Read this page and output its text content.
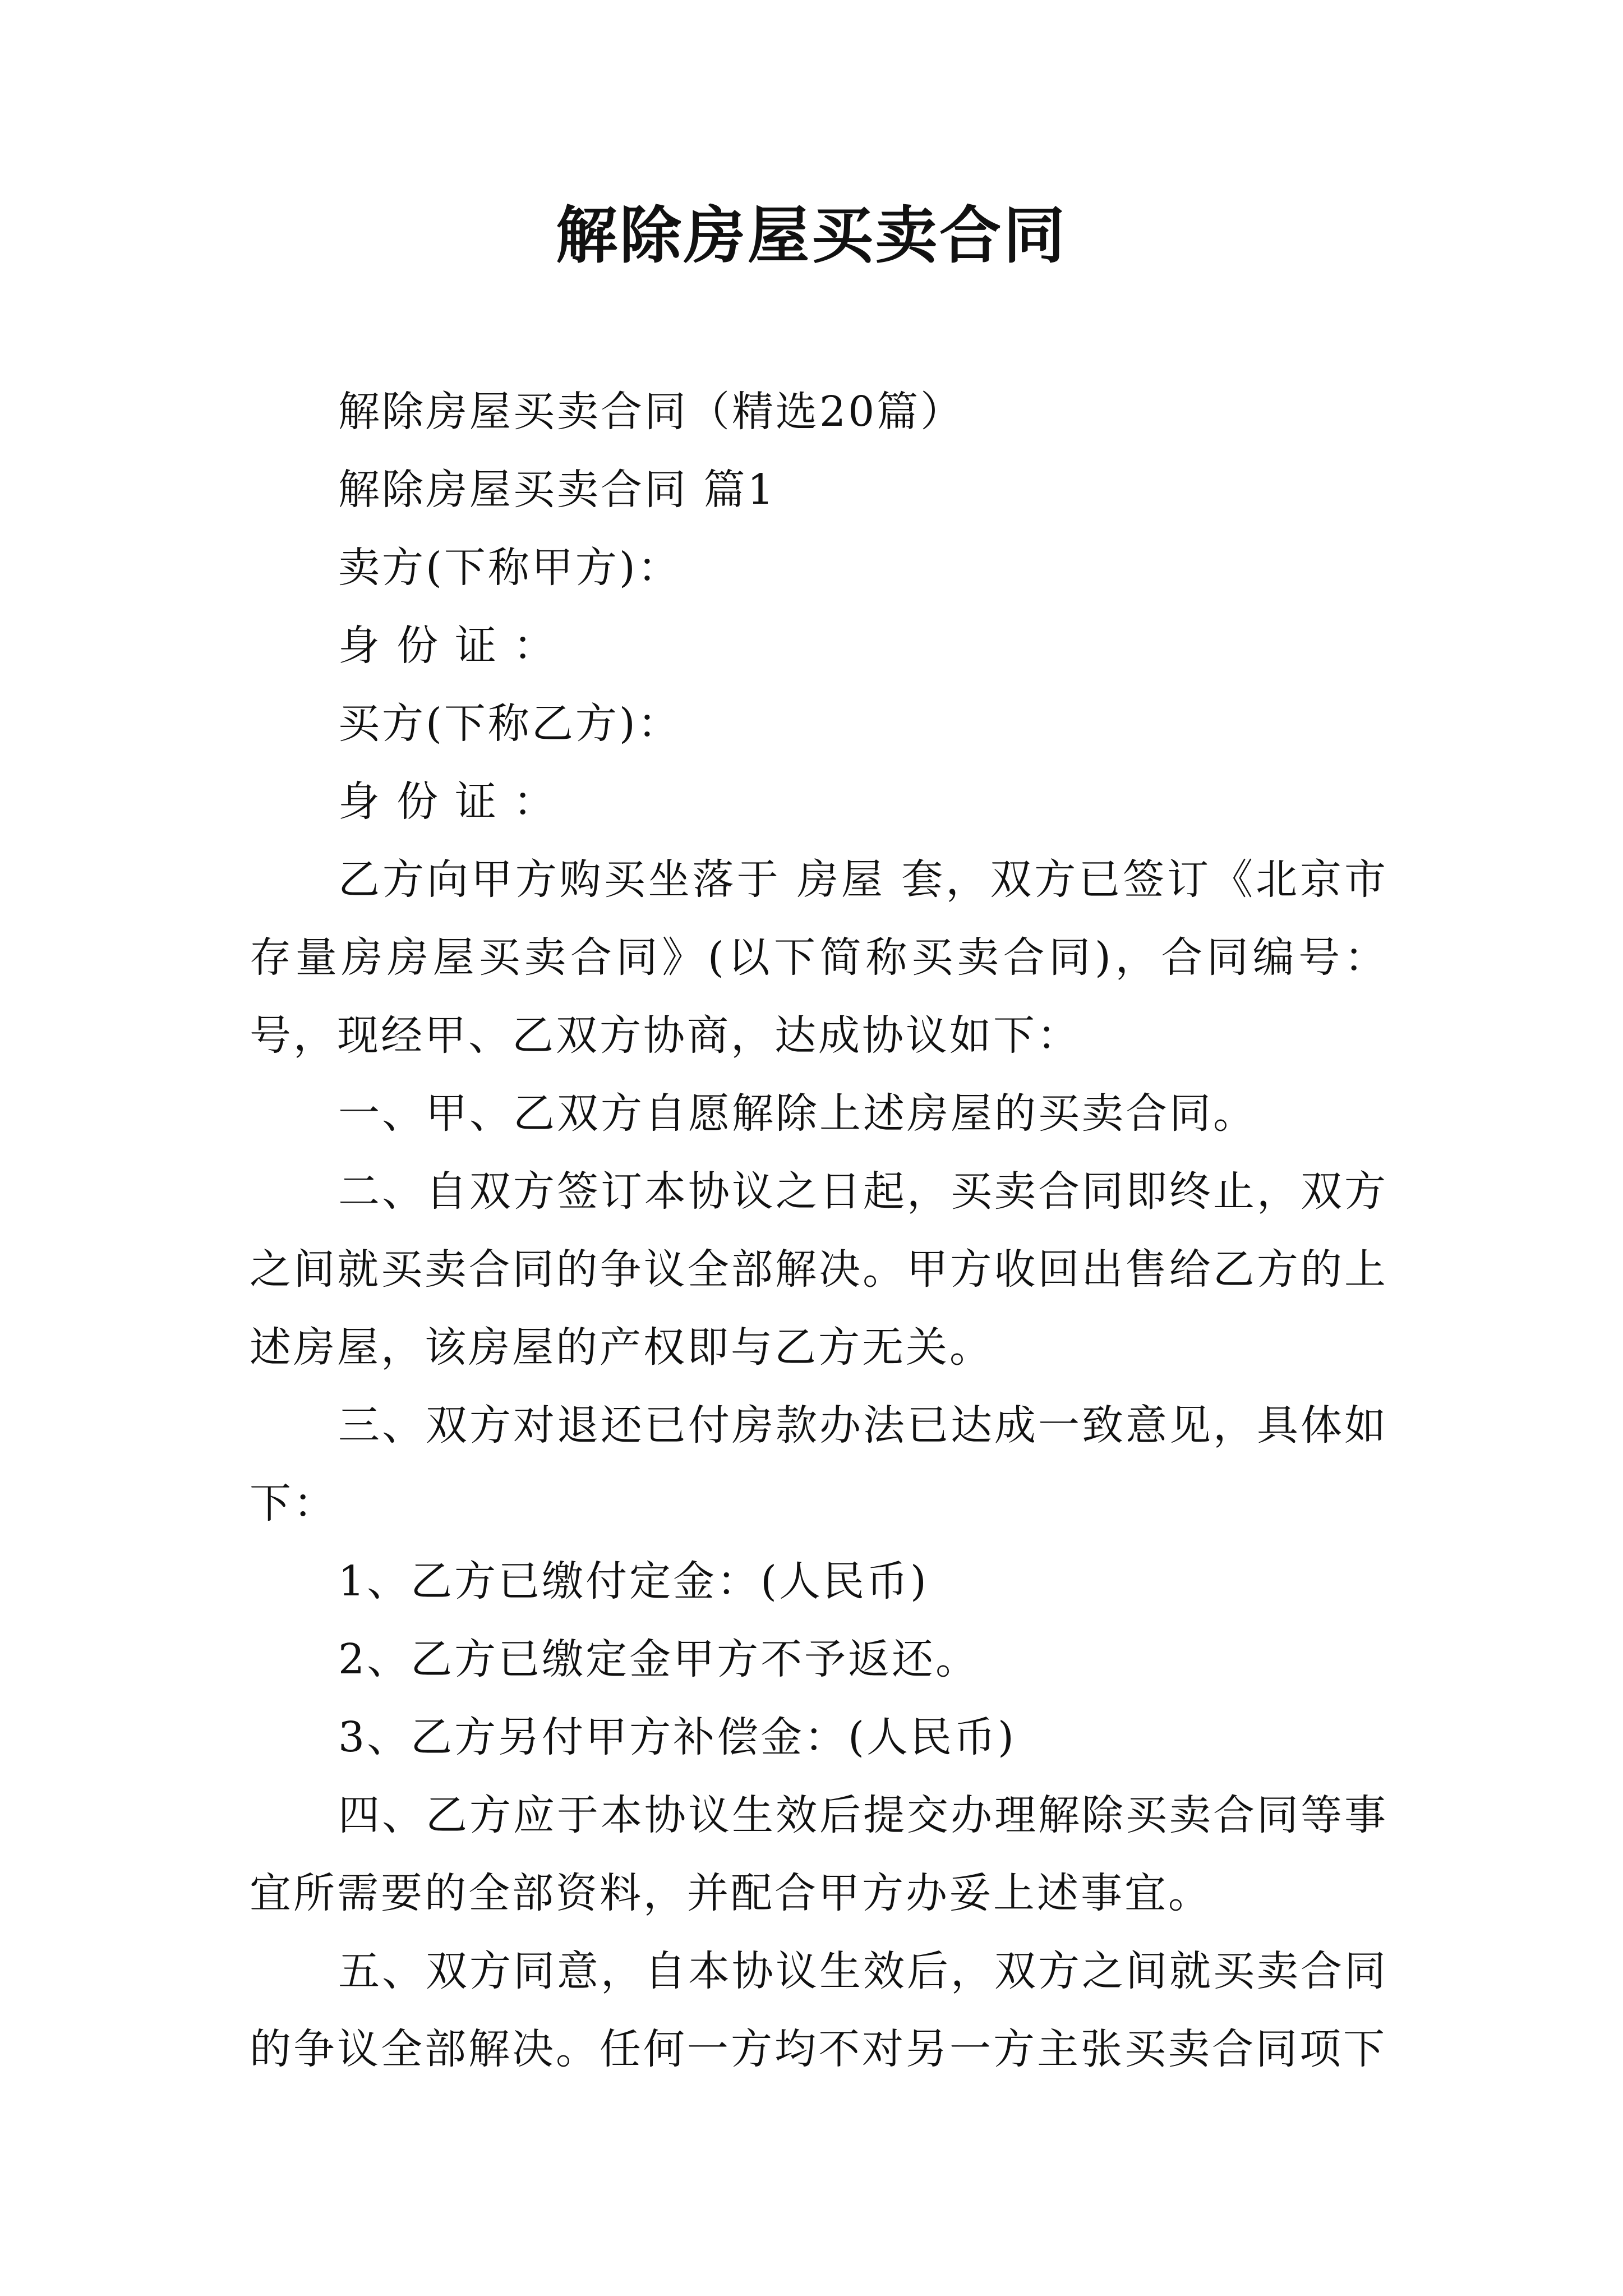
解除房屋买卖合同

解除房屋买卖合同（精选20篇）

解除房屋买卖合同 篇1

卖方(下称甲方)：

身份证：

买方(下称乙方)：

身份证：

乙方向甲方购买坐落于 房屋 套，双方已签订《北京市存量房房屋买卖合同》(以下简称买卖合同)，合同编号：号，现经甲、乙双方协商，达成协议如下：

一、甲、乙双方自愿解除上述房屋的买卖合同。

二、自双方签订本协议之日起，买卖合同即终止，双方之间就买卖合同的争议全部解决。甲方收回出售给乙方的上述房屋，该房屋的产权即与乙方无关。

三、双方对退还已付房款办法已达成一致意见，具体如下：

1、乙方已缴付定金：(人民币)

2、乙方已缴定金甲方不予返还。

3、乙方另付甲方补偿金：(人民币)

四、乙方应于本协议生效后提交办理解除买卖合同等事宜所需要的全部资料，并配合甲方办妥上述事宜。

五、双方同意，自本协议生效后，双方之间就买卖合同的争议全部解决。任何一方均不对另一方主张买卖合同项下
